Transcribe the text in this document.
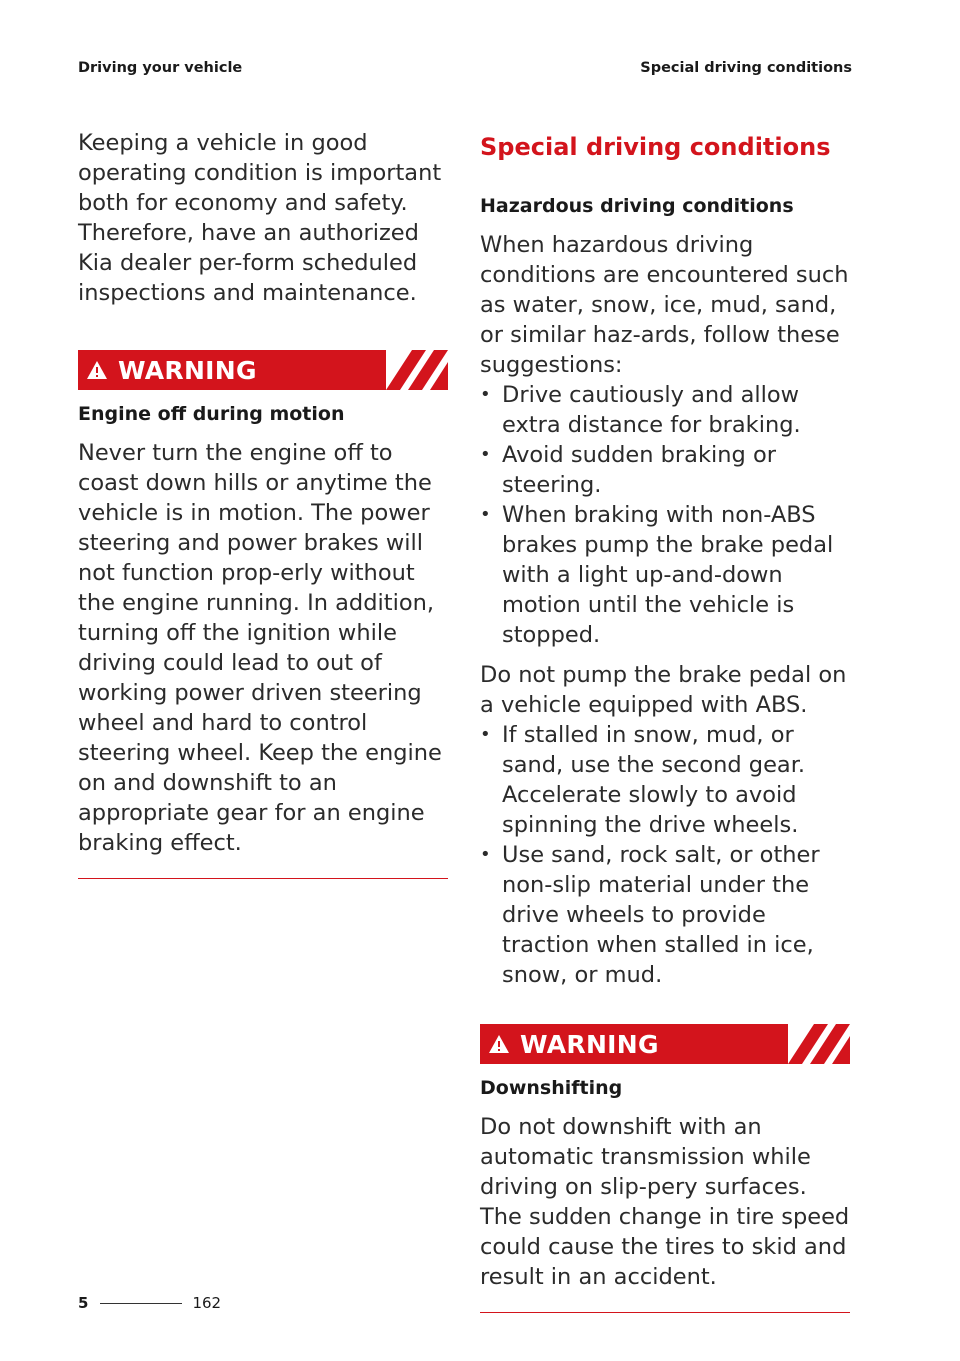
Driving your vehicle	Special driving conditions

Keeping a vehicle in good operating condition is important both for economy and safety. Therefore, have an authorized Kia dealer per-form scheduled inspections and maintenance.

WARNING
Engine off during motion

Never turn the engine off to coast down hills or anytime the vehicle is in motion. The power steering and power brakes will not function prop-erly without the engine running. In addition, turning off the ignition while driving could lead to out of working power driven steering wheel and hard to control steering wheel. Keep the engine on and downshift to an appropriate gear for an engine braking effect.

Special driving conditions
Hazardous driving conditions

When hazardous driving conditions are encountered such as water, snow, ice, mud, sand, or similar haz-ards, follow these suggestions:

• Drive cautiously and allow extra distance for braking.
• Avoid sudden braking or steering.
• When braking with non-ABS brakes pump the brake pedal with a light up-and-down motion until the vehicle is stopped.

Do not pump the brake pedal on a vehicle equipped with ABS.

• If stalled in snow, mud, or sand, use the second gear. Accelerate slowly to avoid spinning the drive wheels.
• Use sand, rock salt, or other non-slip material under the drive wheels to provide traction when stalled in ice, snow, or mud.
WARNING
Downshifting

Do not downshift with an automatic transmission while driving on slip-pery surfaces. The sudden change in tire speed could cause the tires to skid and result in an accident.

5	162
